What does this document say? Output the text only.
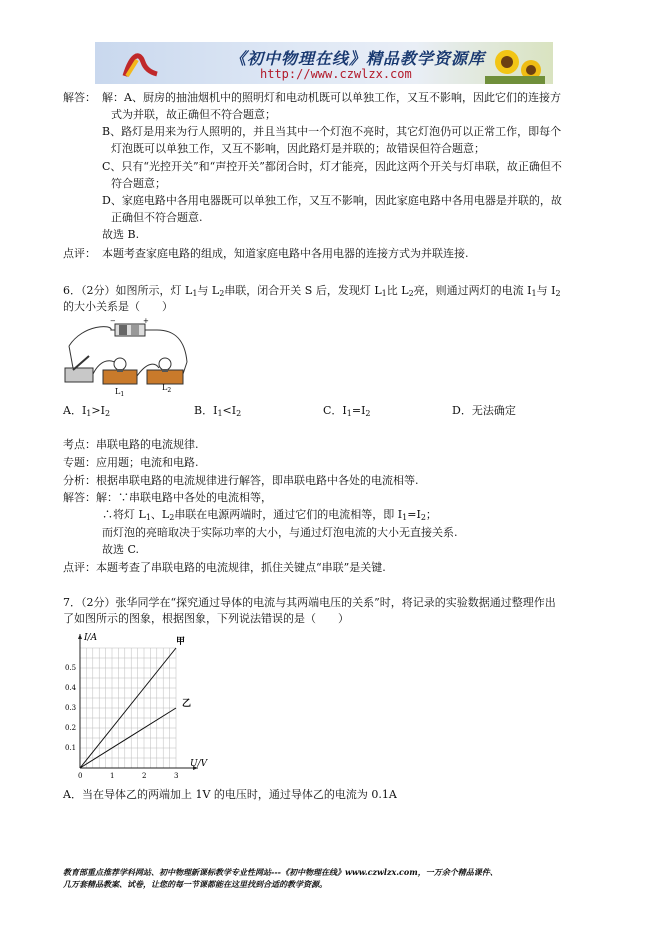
《初中物理在线》精品教学资源库
http://www.czwlzx.com
解答： 解：A、厨房的抽油烟机中的照明灯和电动机既可以单独工作，又互不影响，因此它们的连接方
式为并联，故正确但不符合题意；
B、路灯是用来为行人照明的，并且当其中一个灯泡不亮时，其它灯泡仍可以正常工作，即每个
灯泡既可以单独工作，又互不影响，因此路灯是并联的；故错误但符合题意；
C、只有“光控开关”和“声控开关”都闭合时，灯才能亮，因此这两个开关与灯串联，故正确但不
符合题意；
D、家庭电路中各用电器既可以单独工作，又互不影响，因此家庭电路中各用电器是并联的，故
正确但不符合题意.
故选 B.
点评： 本题考查家庭电路的组成，知道家庭电路中各用电器的连接方式为并联连接.
6．（2分）如图所示，灯 $L_1$与 $L_2$串联，闭合开关 S 后，发现灯 $L_1$比 $L_2$亮，则通过两灯的电流 $I_1$与 $I_2$
的大小关系是（　　）
−	+
$L_1$
$L_2$
A．$I_1>I_2$	B．$I_1<I_2$	C．$I_1=I_2$	D．无法确定
考点：串联电路的电流规律.
专题：应用题；电流和电路.
分析：根据串联电路的电流规律进行解答，即串联电路中各处的电流相等.
解答：解：∵串联电路中各处的电流相等，
∴将灯 $L_1$、$L_2$串联在电源两端时，通过它们的电流相等，即 $I_1=I_2$；
而灯泡的亮暗取决于实际功率的大小，与通过灯泡电流的大小无直接关系.
故选 C.
点评：本题考查了串联电路的电流规律，抓住关键点“串联”是关键.
7．（2分）张华同学在“探究通过导体的电流与其两端电压的关系”时，将记录的实验数据通过整理作出
了如图所示的图象，根据图象，下列说法错误的是（　　）
I/A
U/V
0	1	2	3
0.1
0.2
0.3
0.4
0.5
甲
乙
A．当在导体乙的两端加上 1V 的电压时，通过导体乙的电流为 0.1A
教育部重点推荐学科网站、初中物理新课标教学专业性网站---《初中物理在线》www.czwlzx.com，一万余个精品课件、
几万套精品教案、试卷，让您的每一节课都能在这里找到合适的教学资源。
